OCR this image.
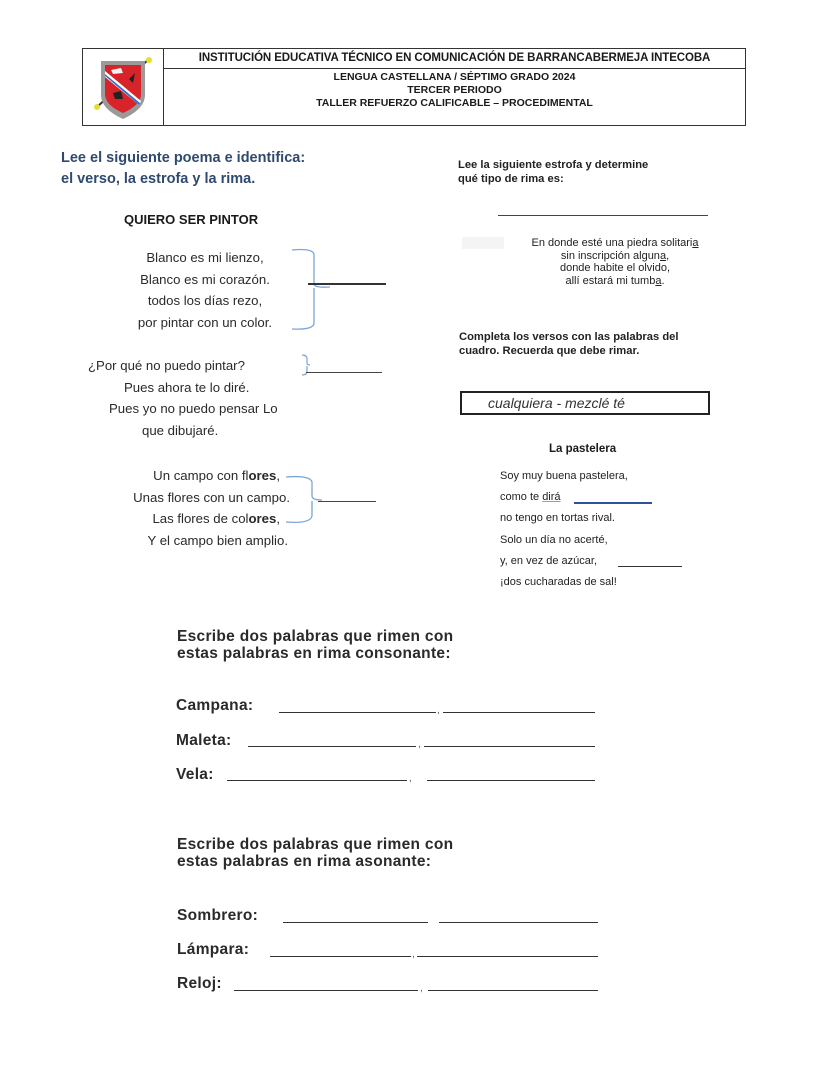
INSTITUCIÓN EDUCATIVA TÉCNICO EN COMUNICACIÓN DE BARRANCABERMEJA INTECOBA
LENGUA CASTELLANA / SÉPTIMO GRADO 2024
TERCER PERIODO
TALLER REFUERZO CALIFICABLE – PROCEDIMENTAL
Lee el siguiente poema e identifica:
el verso, la estrofa y la rima.
QUIERO SER PINTOR
Blanco es mi lienzo,
Blanco es mi corazón.
todos los días rezo,
por pintar con un color.
¿Por qué no puedo pintar?
Pues ahora te lo diré.
Pues yo no puedo pensar Lo
que dibujaré.
Un campo con flores,
Unas flores con un campo.
Las flores de colores,
Y el campo bien amplio.
Lee la siguiente estrofa y determine
qué tipo de rima es:
En donde esté una piedra solitaria
sin inscripción alguna,
donde habite el olvido,
allí estará mi tumba.
Completa los versos con las palabras del
cuadro. Recuerda que debe rimar.
cualquiera - mezclé té
La pastelera
Soy muy buena pastelera,
como te dirá
no tengo en tortas rival.
Solo un día no acerté,
y, en vez de azúcar,
¡dos cucharadas de sal!
Escribe dos palabras que rimen con
estas palabras en rima consonante:
Campana:	,
Maleta:	,
Vela:	,
Escribe dos palabras que rimen con
estas palabras en rima asonante:
Sombrero:
Lámpara:	,
Reloj:	,
